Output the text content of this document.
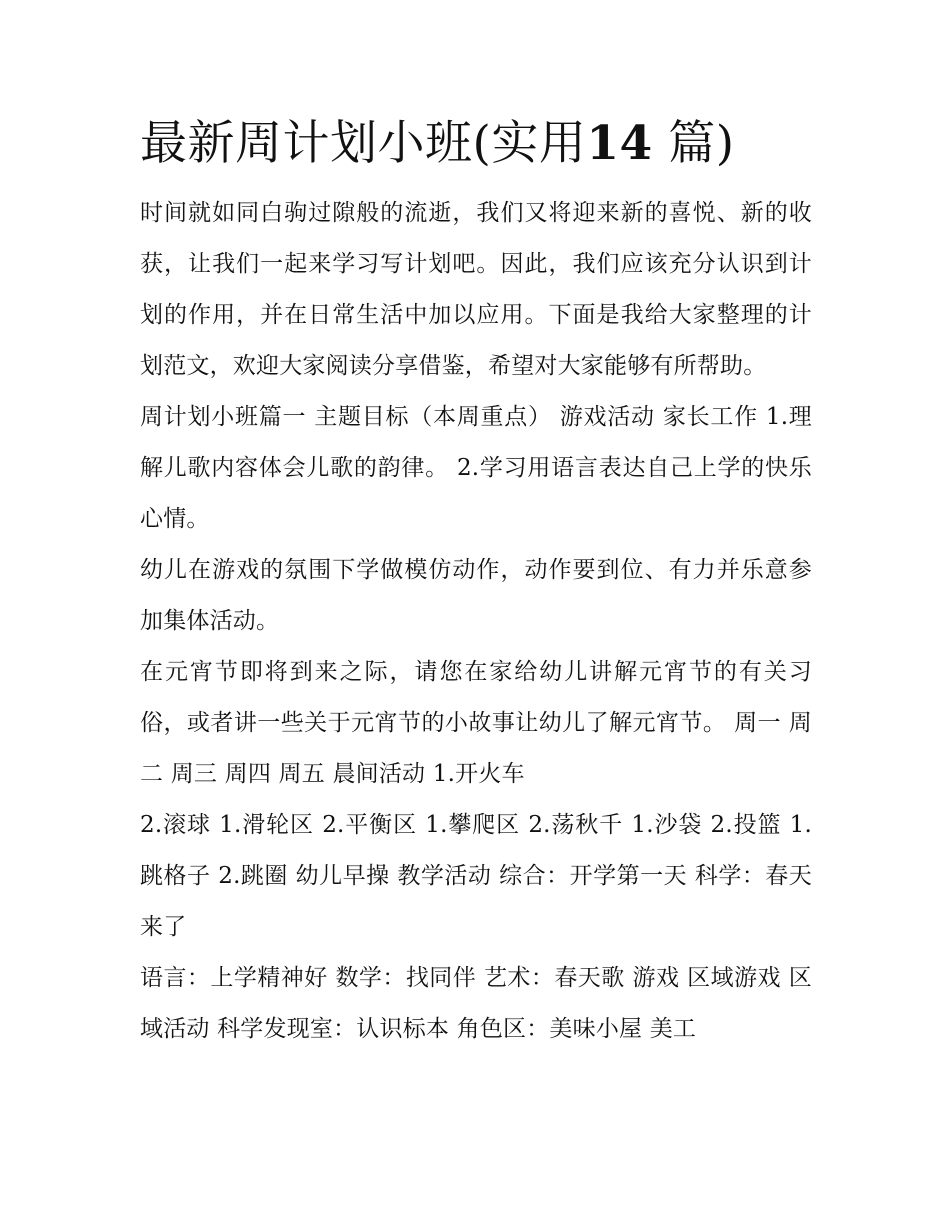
最新周计划小班(实用14 篇)

时间就如同白驹过隙般的流逝，我们又将迎来新的喜悦、新的收获，让我们一起来学习写计划吧。因此，我们应该充分认识到计划的作用，并在日常生活中加以应用。下面是我给大家整理的计划范文，欢迎大家阅读分享借鉴，希望对大家能够有所帮助。

周计划小班篇一 主题目标（本周重点） 游戏活动 家长工作 1.理解儿歌内容体会儿歌的韵律。 2.学习用语言表达自己上学的快乐心情。

幼儿在游戏的氛围下学做模仿动作，动作要到位、有力并乐意参加集体活动。

在元宵节即将到来之际，请您在家给幼儿讲解元宵节的有关习俗，或者讲一些关于元宵节的小故事让幼儿了解元宵节。 周一 周二 周三 周四 周五 晨间活动 1.开火车

2.滚球 1.滑轮区 2.平衡区 1.攀爬区 2.荡秋千 1.沙袋 2.投篮 1.跳格子 2.跳圈 幼儿早操 教学活动 综合：开学第一天 科学：春天来了

语言：上学精神好 数学：找同伴 艺术：春天歌 游戏 区域游戏 区域活动 科学发现室：认识标本 角色区：美味小屋 美工
